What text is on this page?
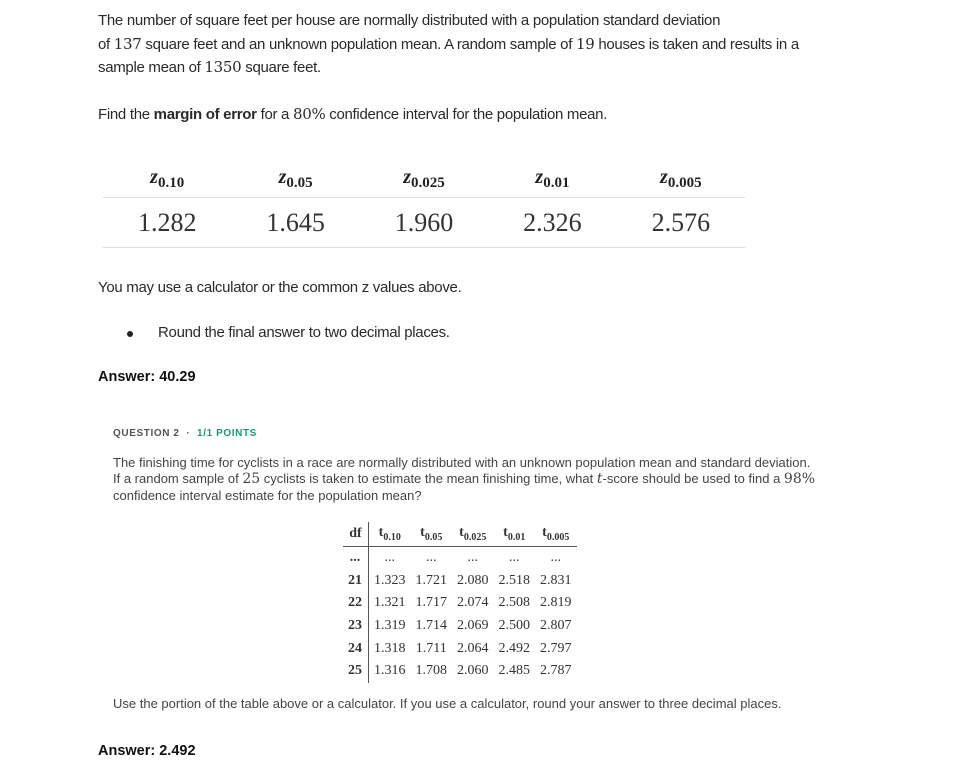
The number of square feet per house are normally distributed with a population standard deviation
of 137 square feet and an unknown population mean. A random sample of 19 houses is taken and results in a
sample mean of 1350 square feet.
Find the margin of error for a 80% confidence interval for the population mean.
$z_{0.10}$	$z_{0.05}$	$z_{0.025}$	$z_{0.01}$	$z_{0.005}$
1.282	1.645	1.960	2.326	2.576
You may use a calculator or the common z values above.
Round the final answer to two decimal places.
Answer: 40.29
QUESTION 2 · 1/1 POINTS
The finishing time for cyclists in a race are normally distributed with an unknown population mean and standard deviation.
If a random sample of 25 cyclists is taken to estimate the mean finishing time, what t-score should be used to find a 98%
confidence interval estimate for the population mean?
df	$t_{0.10}$	$t_{0.05}$	$t_{0.025}$	$t_{0.01}$	$t_{0.005}$
...	...	...	...	...	...
21	1.323	1.721	2.080	2.518	2.831
22	1.321	1.717	2.074	2.508	2.819
23	1.319	1.714	2.069	2.500	2.807
24	1.318	1.711	2.064	2.492	2.797
25	1.316	1.708	2.060	2.485	2.787
Use the portion of the table above or a calculator. If you use a calculator, round your answer to three decimal places.
Answer: 2.492
